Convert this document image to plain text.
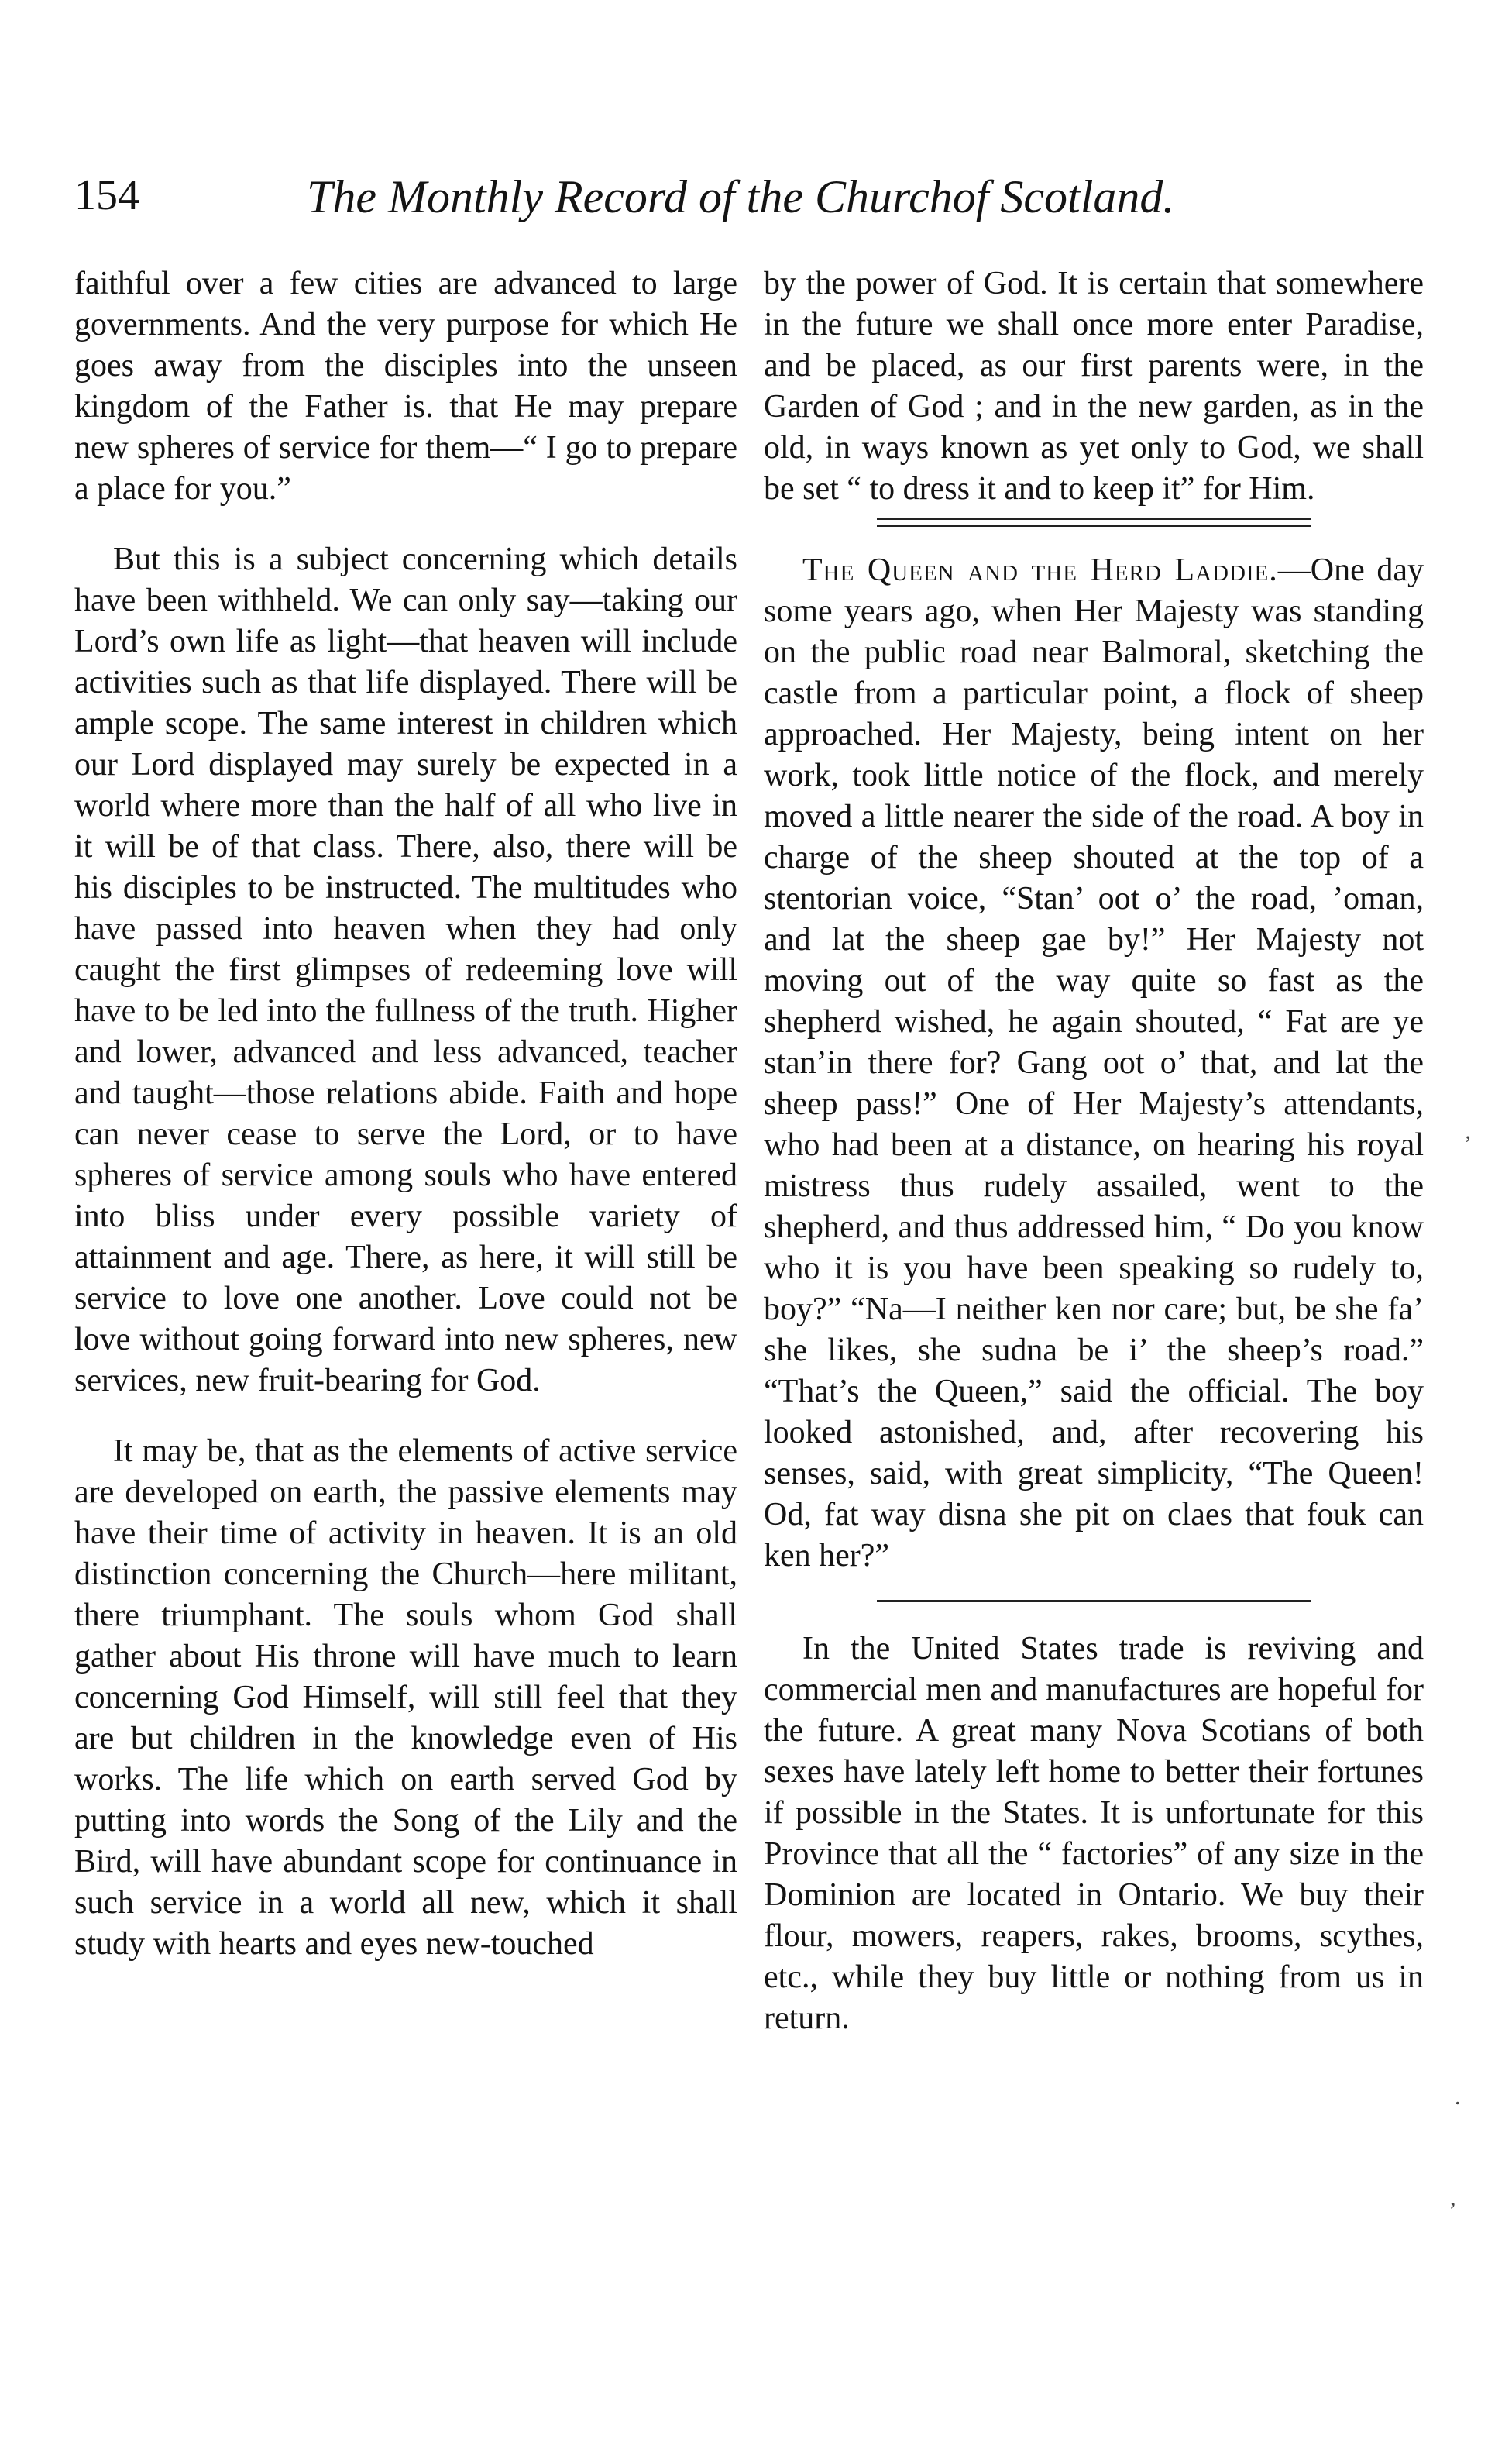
154	The Monthly Record of the Churchof Scotland.

faithful over a few cities are advanced to large governments. And the very purpose for which He goes away from the disciples into the unseen kingdom of the Father is. that He may prepare new spheres of service for them—“ I go to prepare a place for you.”

But this is a subject concerning which details have been withheld. We can only say—taking our Lord’s own life as light—that heaven will include activities such as that life displayed. There will be ample scope. The same interest in children which our Lord displayed may surely be expected in a world where more than the half of all who live in it will be of that class. There, also, there will be his disciples to be instructed. The multitudes who have passed into heaven when they had only caught the first glimpses of redeeming love will have to be led into the fullness of the truth. Higher and lower, advanced and less advanced, teacher and taught—those relations abide. Faith and hope can never cease to serve the Lord, or to have spheres of service among souls who have entered into bliss under every possible variety of attainment and age. There, as here, it will still be service to love one another. Love could not be love without going forward into new spheres, new services, new fruit-bearing for God.

It may be, that as the elements of active service are developed on earth, the passive elements may have their time of activity in heaven. It is an old distinction concerning the Church—here militant, there triumphant. The souls whom God shall gather about His throne will have much to learn concerning God Himself, will still feel that they are but children in the knowledge even of His works. The life which on earth served God by putting into words the Song of the Lily and the Bird, will have abundant scope for continuance in such service in a world all new, which it shall study with hearts and eyes new-touched

by the power of God. It is certain that somewhere in the future we shall once more enter Paradise, and be placed, as our first parents were, in the Garden of God ; and in the new garden, as in the old, in ways known as yet only to God, we shall be set “ to dress it and to keep it” for Him.

The Queen and the Herd Laddie.—One day some years ago, when Her Majesty was standing on the public road near Balmoral, sketching the castle from a particular point, a flock of sheep approached. Her Majesty, being intent on her work, took little notice of the flock, and merely moved a little nearer the side of the road. A boy in charge of the sheep shouted at the top of a stentorian voice, “Stan’ oot o’ the road, ’oman, and lat the sheep gae by!” Her Majesty not moving out of the way quite so fast as the shepherd wished, he again shouted, “ Fat are ye stan’in there for? Gang oot o’ that, and lat the sheep pass!” One of Her Majesty’s attendants, who had been at a distance, on hearing his royal mistress thus rudely assailed, went to the shepherd, and thus addressed him, “ Do you know who it is you have been speaking so rudely to, boy?” “Na—I neither ken nor care; but, be she fa’ she likes, she sudna be i’ the sheep’s road.” “That’s the Queen,” said the official. The boy looked astonished, and, after recovering his senses, said, with great simplicity, “The Queen! Od, fat way disna she pit on claes that fouk can ken her?”

In the United States trade is reviving and commercial men and manufactures are hopeful for the future. A great many Nova Scotians of both sexes have lately left home to better their fortunes if possible in the States. It is unfortunate for this Province that all the “ factories” of any size in the Dominion are located in Ontario. We buy their flour, mowers, reapers, rakes, brooms, scythes, etc., while they buy little or nothing from us in return.

’
.
,
